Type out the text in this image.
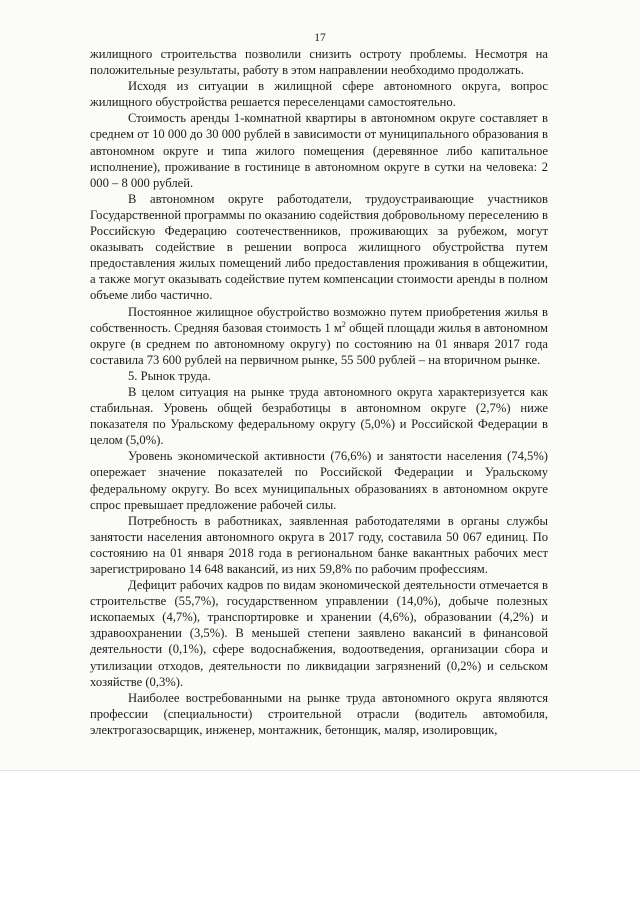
17

жилищного строительства позволили снизить остроту проблемы. Несмотря на положительные результаты, работу в этом направлении необходимо продолжать.

Исходя из ситуации в жилищной сфере автономного округа, вопрос жилищного обустройства решается переселенцами самостоятельно.

Стоимость аренды 1-комнатной квартиры в автономном округе составляет в среднем от 10 000 до 30 000 рублей в зависимости от муниципального образования в автономном округе и типа жилого помещения (деревянное либо капитальное исполнение), проживание в гостинице в автономном округе в сутки на человека: 2 000 – 8 000 рублей.

В автономном округе работодатели, трудоустраивающие участников Государственной программы по оказанию содействия добровольному переселению в Российскую Федерацию соотечественников, проживающих за рубежом, могут оказывать содействие в решении вопроса жилищного обустройства путем предоставления жилых помещений либо предоставления проживания в общежитии, а также могут оказывать содействие путем компенсации стоимости аренды в полном объеме либо частично.

Постоянное жилищное обустройство возможно путем приобретения жилья в собственность. Средняя базовая стоимость 1 $м^2$ общей площади жилья в автономном округе (в среднем по автономному округу) по состоянию на 01 января 2017 года составила 73 600 рублей на первичном рынке, 55 500 рублей – на вторичном рынке.

5. Рынок труда.

В целом ситуация на рынке труда автономного округа характеризуется как стабильная. Уровень общей безработицы в автономном округе (2,7%) ниже показателя по Уральскому федеральному округу (5,0%) и Российской Федерации в целом (5,0%).

Уровень экономической активности (76,6%) и занятости населения (74,5%) опережает значение показателей по Российской Федерации и Уральскому федеральному округу. Во всех муниципальных образованиях в автономном округе спрос превышает предложение рабочей силы.

Потребность в работниках, заявленная работодателями в органы службы занятости населения автономного округа в 2017 году, составила 50 067 единиц. По состоянию на 01 января 2018 года в региональном банке вакантных рабочих мест зарегистрировано 14 648 вакансий, из них 59,8% по рабочим профессиям.

Дефицит рабочих кадров по видам экономической деятельности отмечается в строительстве (55,7%), государственном управлении (14,0%), добыче полезных ископаемых (4,7%), транспортировке и хранении (4,6%), образовании (4,2%) и здравоохранении (3,5%). В меньшей степени заявлено вакансий в финансовой деятельности (0,1%), сфере водоснабжения, водоотведения, организации сбора и утилизации отходов, деятельности по ликвидации загрязнений (0,2%) и сельском хозяйстве (0,3%).

Наиболее востребованными на рынке труда автономного округа являются профессии (специальности) строительной отрасли (водитель автомобиля, электрогазосварщик, инженер, монтажник, бетонщик, маляр, изолировщик,
